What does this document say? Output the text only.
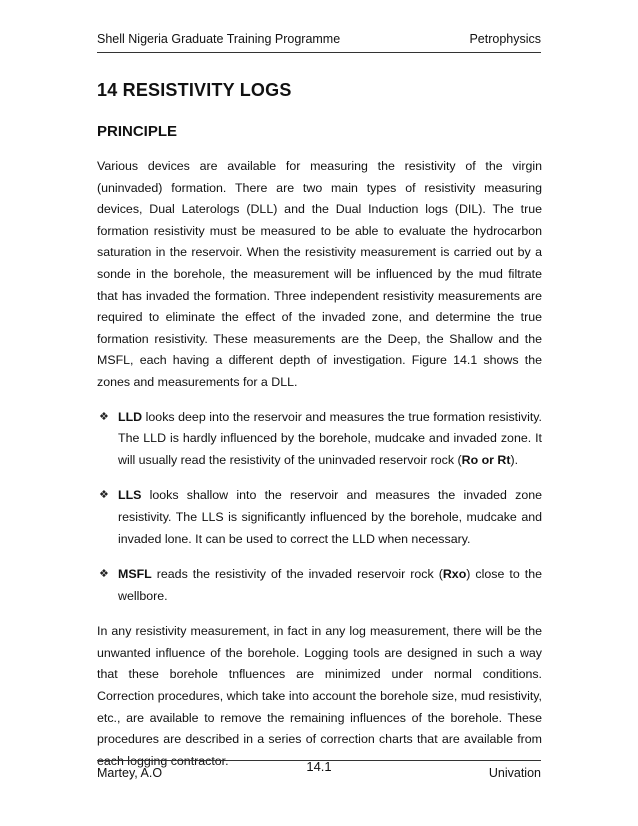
Shell Nigeria Graduate Training Programme	Petrophysics
14 RESISTIVITY LOGS
PRINCIPLE

Various devices are available for measuring the resistivity of the virgin (uninvaded) formation. There are two main types of resistivity measuring devices, Dual Laterologs (DLL) and the Dual Induction logs (DIL). The true formation resistivity must be measured to be able to evaluate the hydrocarbon saturation in the reservoir. When the resistivity measurement is carried out by a sonde in the borehole, the measurement will be influenced by the mud filtrate that has invaded the formation. Three independent resistivity measurements are required to eliminate the effect of the invaded zone, and determine the true formation resistivity. These measurements are the Deep, the Shallow and the MSFL, each having a different depth of investigation. Figure 14.1 shows the zones and measurements for a DLL.

❖ LLD looks deep into the reservoir and measures the true formation resistivity. The LLD is hardly influenced by the borehole, mudcake and invaded zone. It will usually read the resistivity of the uninvaded reservoir rock (Ro or Rt).

❖ LLS looks shallow into the reservoir and measures the invaded zone resistivity. The LLS is significantly influenced by the borehole, mudcake and invaded lone. It can be used to correct the LLD when necessary.

❖ MSFL reads the resistivity of the invaded reservoir rock (Rxo) close to the wellbore.

In any resistivity measurement, in fact in any log measurement, there will be the unwanted influence of the borehole. Logging tools are designed in such a way that these borehole tnfluences are minimized under normal conditions. Correction procedures, which take into account the borehole size, mud resistivity, etc., are available to remove the remaining influences of the borehole. These procedures are described in a series of correction charts that are available from each logging contractor.

Martey, A.O	14.1	Univation
